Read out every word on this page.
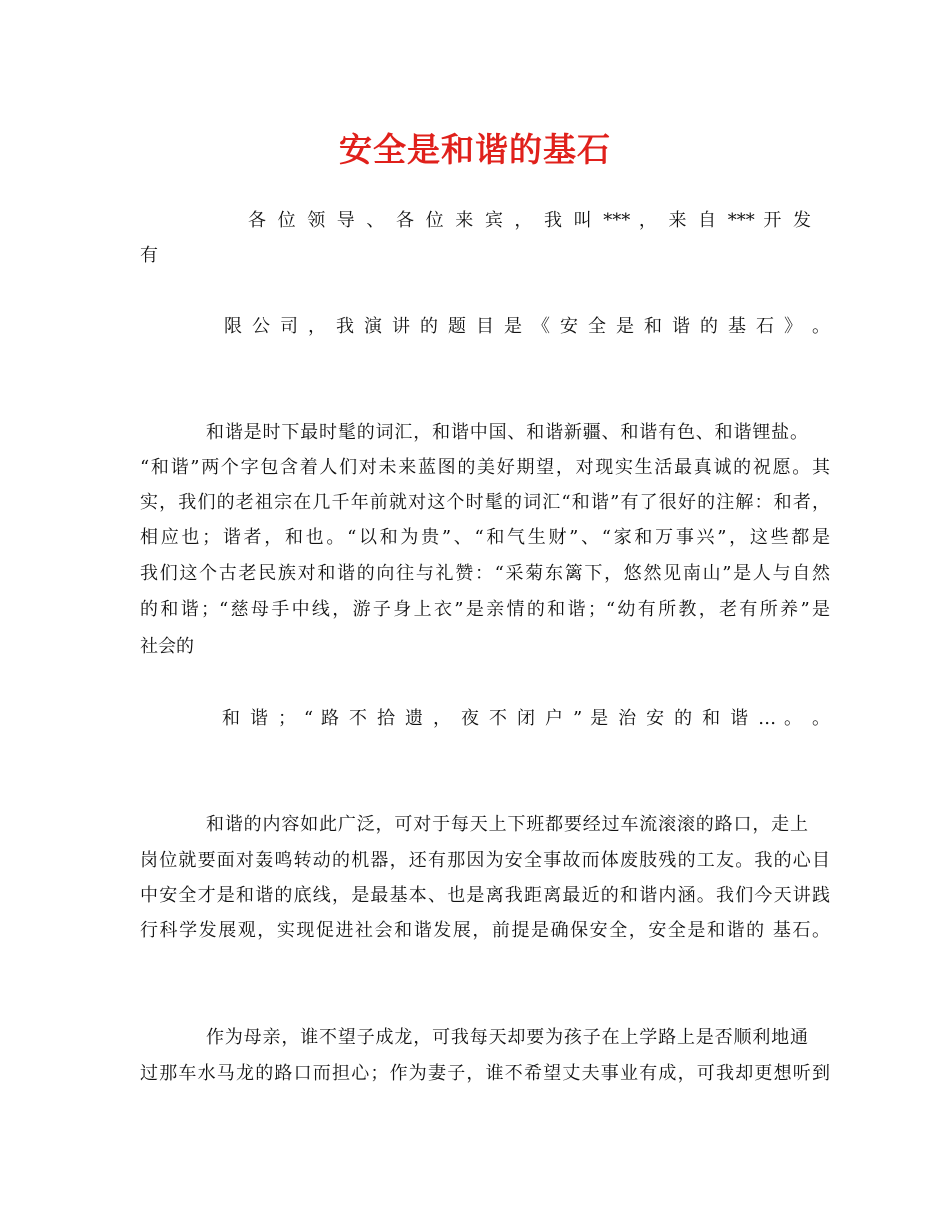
安全是和谐的基石
各 位 领 导 、 各 位 来 宾 ， 我 叫 *** ， 来 自 *** 开 发
有
限 公 司 ， 我 演 讲 的 题 目 是 《 安 全 是 和 谐 的 基 石 》 。
和谐是时下最时髦的词汇，和谐中国、和谐新疆、和谐有色、和谐锂盐。
“和谐”两个字包含着人们对未来蓝图的美好期望，对现实生活最真诚的祝愿。其
实，我们的老祖宗在几千年前就对这个时髦的词汇“和谐”有了很好的注解：和者，
相应也；谐者，和也。“以和为贵”、“和气生财”、“家和万事兴”，这些都是
我们这个古老民族对和谐的向往与礼赞：“采菊东篱下，悠然见南山”是人与自然
的和谐；“慈母手中线，游子身上衣”是亲情的和谐；“幼有所教，老有所养”是
社会的
和 谐 ； “ 路 不 拾 遗 ， 夜 不 闭 户 ” 是 治 安 的 和 谐 … 。 。
和谐的内容如此广泛，可对于每天上下班都要经过车流滚滚的路口，走上
岗位就要面对轰鸣转动的机器，还有那因为安全事故而体废肢残的工友。我的心目
中安全才是和谐的底线，是最基本、也是离我距离最近的和谐内涵。我们今天讲践
行科学发展观，实现促进社会和谐发展，前提是确保安全，安全是和谐的 基石。
作为母亲，谁不望子成龙，可我每天却要为孩子在上学路上是否顺利地通
过那车水马龙的路口而担心；作为妻子，谁不希望丈夫事业有成，可我却更想听到
